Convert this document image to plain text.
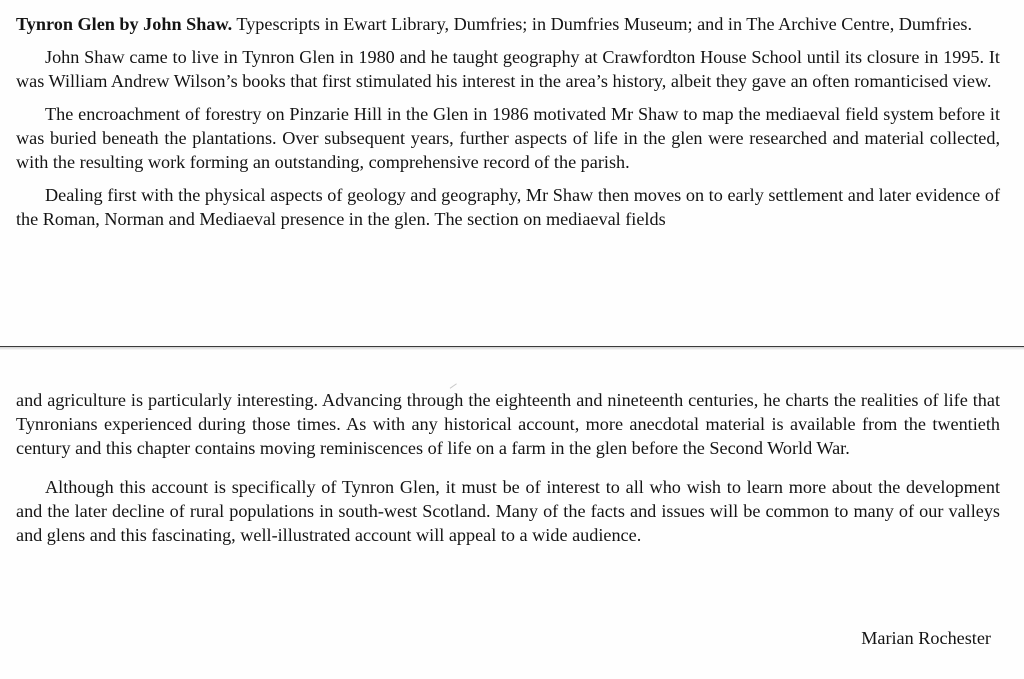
Tynron Glen by John Shaw. Typescripts in Ewart Library, Dumfries; in Dumfries Museum; and in The Archive Centre, Dumfries.

John Shaw came to live in Tynron Glen in 1980 and he taught geography at Crawfordton House School until its closure in 1995. It was William Andrew Wilson’s books that first stimulated his interest in the area’s history, albeit they gave an often romanticised view.

The encroachment of forestry on Pinzarie Hill in the Glen in 1986 motivated Mr Shaw to map the mediaeval field system before it was buried beneath the plantations. Over subsequent years, further aspects of life in the glen were researched and material collected, with the resulting work forming an outstanding, comprehensive record of the parish.

Dealing first with the physical aspects of geology and geography, Mr Shaw then moves on to early settlement and later evidence of the Roman, Norman and Mediaeval presence in the glen. The section on mediaeval fields

and agriculture is particularly interesting. Advancing through the eighteenth and nineteenth centuries, he charts the realities of life that Tynronians experienced during those times. As with any historical account, more anecdotal material is available from the twentieth century and this chapter contains moving reminiscences of life on a farm in the glen before the Second World War.

Although this account is specifically of Tynron Glen, it must be of interest to all who wish to learn more about the development and the later decline of rural populations in south-west Scotland. Many of the facts and issues will be common to many of our valleys and glens and this fascinating, well-illustrated account will appeal to a wide audience.

Marian Rochester
